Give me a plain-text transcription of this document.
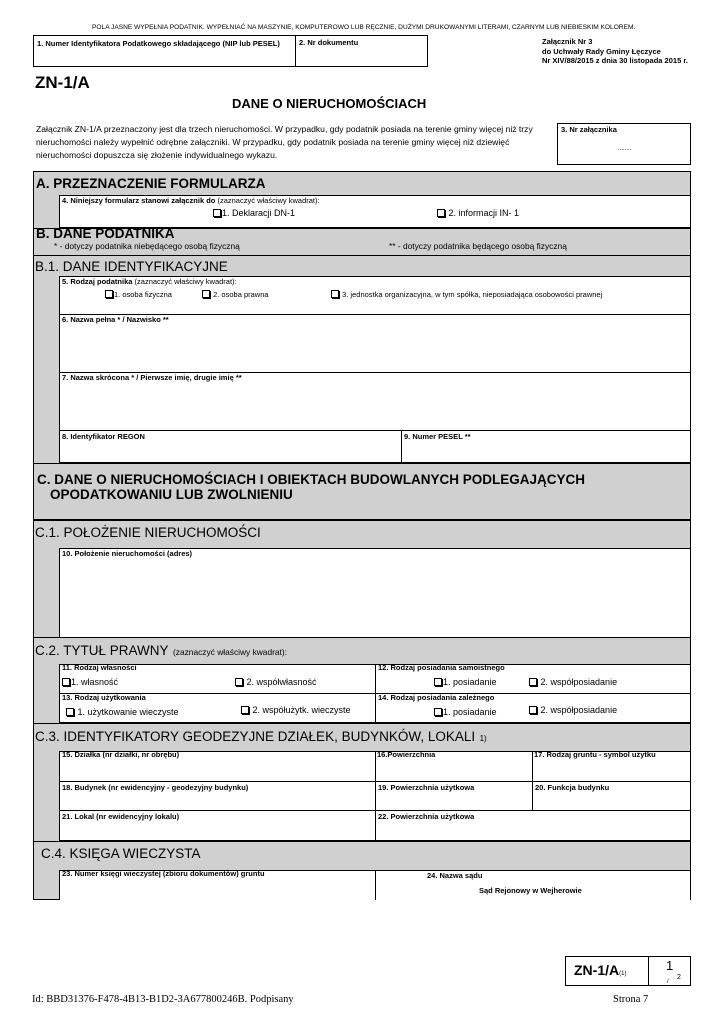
POLA JASNE WYPEŁNIA PODATNIK. WYPEŁNIAĆ NA MASZYNIE, KOMPUTEROWO LUB RĘCZNIE, DUŻYMI DRUKOWANYMI LITERAMI, CZARNYM LUB NIEBIESKIM KOLOREM.
1. Numer Identyfikatora Podatkowego składającego (NIP lub PESEL)	2. Nr dokumentu	Załącznik Nr 3
do Uchwały Rady Gminy Łęczyce
Nr XIV/88/2015 z dnia 30 listopada 2015 r.
ZN-1/A
DANE O NIERUCHOMOŚCIACH
Załącznik ZN-1/A przeznaczony jest dla trzech nieruchomości. W przypadku, gdy podatnik posiada na terenie gminy więcej niż trzy nieruchomości należy wypełnić odrębne załączniki. W przypadku, gdy podatnik posiada na terenie gminy więcej niż dziewięć nieruchomości dopuszcza się złożenie indywidualnego wykazu.
3. Nr załącznika
........
A. PRZEZNACZENIE FORMULARZA
4. Niniejszy formularz stanowi załącznik do (zaznaczyć właściwy kwadrat):
1. Deklaracji DN-1	2. informacji IN- 1
B. DANE PODATNIKA
* - dotyczy podatnika niebędącego osobą fizyczną	** - dotyczy podatnika będącego osobą fizyczną
B.1. DANE IDENTYFIKACYJNE
5. Rodzaj podatnika (zaznaczyć właściwy kwadrat):
1. osoba fizyczna	2. osoba prawna	3. jednostka organizacyjna, w tym spółka, nieposiadająca osobowości prawnej
6. Nazwa pełna * / Nazwisko **
7. Nazwa skrócona * / Pierwsze imię, drugie imię **
8. Identyfikator REGON	9. Numer PESEL **
C. DANE O NIERUCHOMOŚCIACH I OBIEKTACH BUDOWLANYCH PODLEGAJĄCYCH
OPODATKOWANIU LUB ZWOLNIENIU
C.1. POŁOŻENIE NIERUCHOMOŚCI
10. Położenie nieruchomości (adres)
C.2. TYTUŁ PRAWNY (zaznaczyć właściwy kwadrat):
11. Rodzaj własności
1. własność	2. współwłasność
12. Rodzaj posiadania samoistnego
1. posiadanie	2. współposiadanie
13. Rodzaj użytkowania
1. użytkowanie wieczyste	2. współużytk. wieczyste
14. Rodzaj posiadania zależnego
1. posiadanie	2. współposiadanie
C.3. IDENTYFIKATORY GEODEZYJNE DZIAŁEK, BUDYNKÓW, LOKALI 1)
15. Działka (nr działki, nr obrębu)	16.Powierzchnia	17. Rodzaj gruntu - symbol użytku
18. Budynek (nr ewidencyjny - geodezyjny budynku)	19. Powierzchnia użytkowa	20. Funkcja budynku
21. Lokal (nr ewidencyjny lokalu)	22. Powierzchnia użytkowa
C.4. KSIĘGA WIECZYSTA
23. Numer księgi wieczystej (zbioru dokumentów) gruntu	24. Nazwa sądu
Sąd Rejonowy w Wejherowie
ZN-1/A(1)
1
2
/
Id: BBD31376-F478-4B13-B1D2-3A677800246B. Podpisany	Strona 7
